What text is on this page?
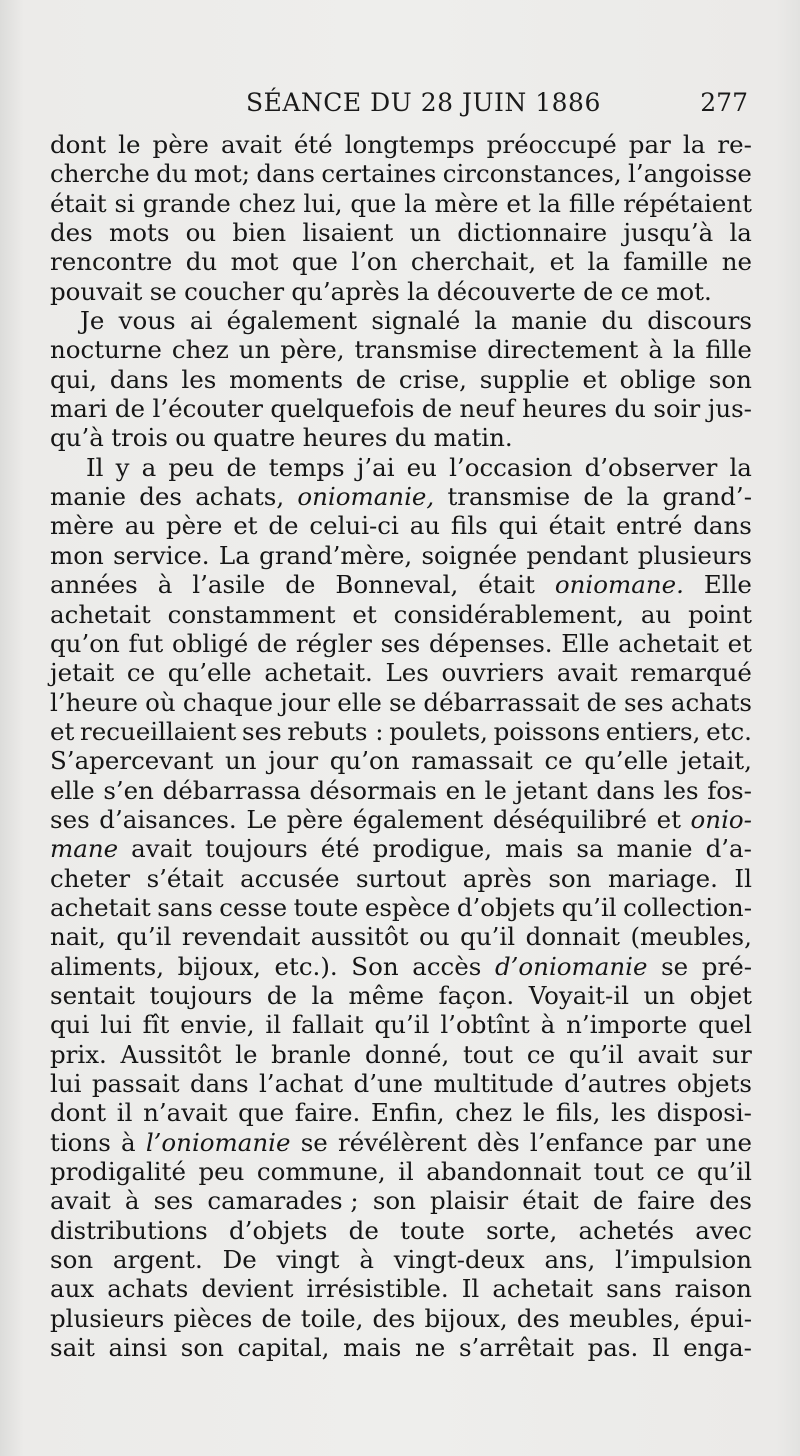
SÉANCE DU 28 JUIN 1886	277
dont le père avait été longtemps préoccupé par la re-
cherche du mot; dans certaines circonstances, l’angoisse
était si grande chez lui, que la mère et la fille répétaient
des mots ou bien lisaient un dictionnaire jusqu’à la
rencontre du mot que l’on cherchait, et la famille ne
pouvait se coucher qu’après la découverte de ce mot.
Je vous ai également signalé la manie du discours
nocturne chez un père, transmise directement à la fille
qui, dans les moments de crise, supplie et oblige son
mari de l’écouter quelquefois de neuf heures du soir jus-
qu’à trois ou quatre heures du matin.
Il y a peu de temps j’ai eu l’occasion d’observer la
manie des achats, oniomanie, transmise de la grand’-
mère au père et de celui-ci au fils qui était entré dans
mon service. La grand’mère, soignée pendant plusieurs
années à l’asile de Bonneval, était oniomane. Elle
achetait constamment et considérablement, au point
qu’on fut obligé de régler ses dépenses. Elle achetait et
jetait ce qu’elle achetait. Les ouvriers avait remarqué
l’heure où chaque jour elle se débarrassait de ses achats
et recueillaient ses rebuts : poulets, poissons entiers, etc.
S’apercevant un jour qu’on ramassait ce qu’elle jetait,
elle s’en débarrassa désormais en le jetant dans les fos-
ses d’aisances. Le père également déséquilibré et onio-
mane avait toujours été prodigue, mais sa manie d’a-
cheter s’était accusée surtout après son mariage. Il
achetait sans cesse toute espèce d’objets qu’il collection-
nait, qu’il revendait aussitôt ou qu’il donnait (meubles,
aliments, bijoux, etc.). Son accès d’oniomanie se pré-
sentait toujours de la même façon. Voyait-il un objet
qui lui fît envie, il fallait qu’il l’obtînt à n’importe quel
prix. Aussitôt le branle donné, tout ce qu’il avait sur
lui passait dans l’achat d’une multitude d’autres objets
dont il n’avait que faire. Enfin, chez le fils, les disposi-
tions à l’oniomanie se révélèrent dès l’enfance par une
prodigalité peu commune, il abandonnait tout ce qu’il
avait à ses camarades ; son plaisir était de faire des
distributions d’objets de toute sorte, achetés avec
son argent. De vingt à vingt-deux ans, l’impulsion
aux achats devient irrésistible. Il achetait sans raison
plusieurs pièces de toile, des bijoux, des meubles, épui-
sait ainsi son capital, mais ne s’arrêtait pas. Il enga-
